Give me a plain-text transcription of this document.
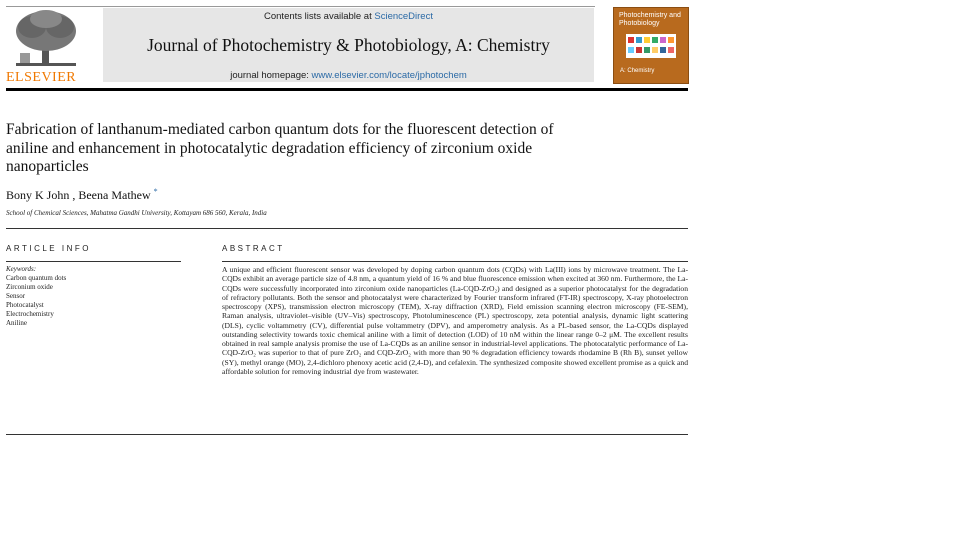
ELSEVIER
Contents lists available at ScienceDirect
Journal of Photochemistry & Photobiology, A: Chemistry
journal homepage: www.elsevier.com/locate/jphotochem
Photochemistry and Photobiology
A: Chemistry
Fabrication of lanthanum-mediated carbon quantum dots for the fluorescent detection of aniline and enhancement in photocatalytic degradation efficiency of zirconium oxide nanoparticles
Bony K John , Beena Mathew *
School of Chemical Sciences, Mahatma Gandhi University, Kottayam 686 560, Kerala, India
ARTICLE INFO
Keywords:
Carbon quantum dots
Zirconium oxide
Sensor
Photocatalyst
Electrochemistry
Aniline
ABSTRACT

A unique and efficient fluorescent sensor was developed by doping carbon quantum dots (CQDs) with La(III) ions by microwave treatment. The La-CQDs exhibit an average particle size of 4.8 nm, a quantum yield of 16 % and blue fluorescence emission when excited at 360 nm. Furthermore, the La-CQDs were successfully incorporated into zirconium oxide nanoparticles (La-CQD-ZrO₂) and designed as a superior photocatalyst for the degradation of refractory pollutants. Both the sensor and photocatalyst were characterized by Fourier transform infrared (FT-IR) spectroscopy, X-ray photoelectron spectroscopy (XPS), transmission electron microscopy (TEM), X-ray diffraction (XRD), Field emission scanning electron microscopy (FE-SEM), Raman analysis, ultraviolet–visible (UV–Vis) spectroscopy, Photoluminescence (PL) spectroscopy, zeta potential analysis, dynamic light scattering (DLS), cyclic voltammetry (CV), differential pulse voltammetry (DPV), and amperometry analysis. As a PL-based sensor, the La-CQDs displayed outstanding selectivity towards toxic chemical aniline with a limit of detection (LOD) of 10 nM within the linear range 0–2 μM. The excellent results obtained in real sample analysis promise the use of La-CQDs as an aniline sensor in industrial-level applications. The photocatalytic performance of La-CQD-ZrO₂ was superior to that of pure ZrO₂ and CQD-ZrO₂ with more than 90 % degradation efficiency towards rhodamine B (Rh B), sunset yellow (SY), methyl orange (MO), 2,4-dichloro phenoxy acetic acid (2,4-D), and cefalexin. The synthesized composite showed excellent promise as a quick and affordable solution for removing industrial dye from wastewater.
